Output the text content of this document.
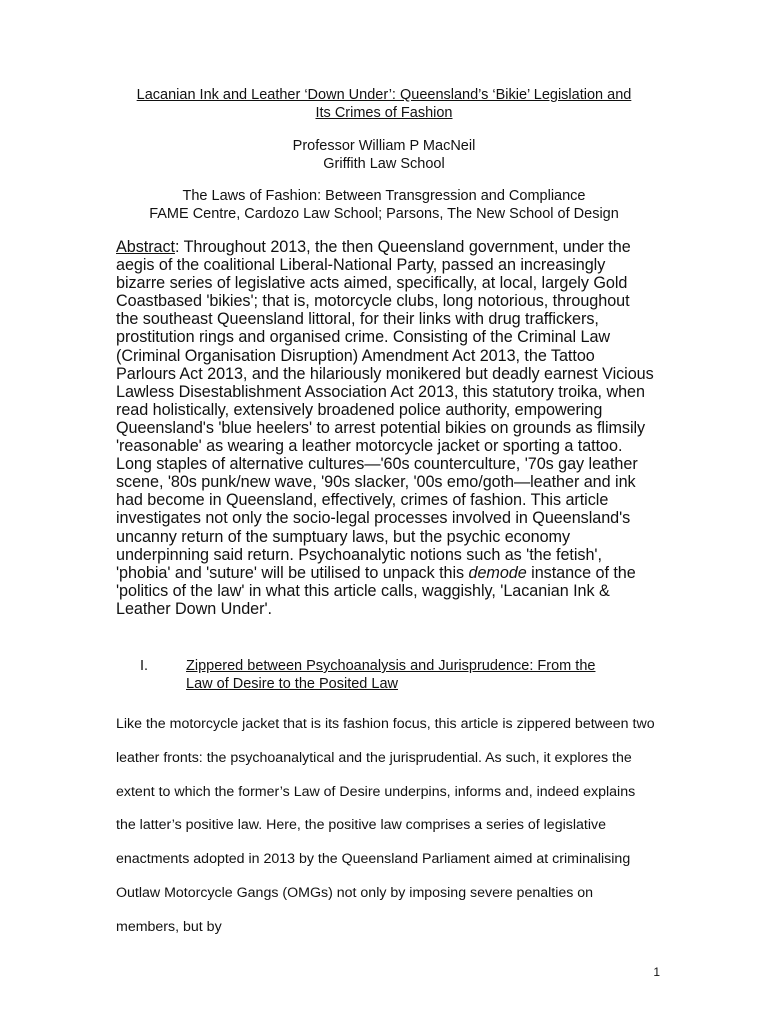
Lacanian Ink and Leather ‘Down Under’: Queensland’s ‘Bikie’ Legislation and
Its Crimes of Fashion
Professor William P MacNeil
Griffith Law School
The Laws of Fashion: Between Transgression and Compliance
FAME Centre, Cardozo Law School; Parsons, The New School of Design
Abstract: Throughout 2013, the then Queensland government, under the aegis of the coalitional Liberal-National Party, passed an increasingly bizarre series of legislative acts aimed, specifically, at local, largely Gold Coastbased 'bikies'; that is, motorcycle clubs, long notorious, throughout the southeast Queensland littoral, for their links with drug traffickers, prostitution rings and organised crime. Consisting of the Criminal Law (Criminal Organisation Disruption) Amendment Act 2013, the Tattoo Parlours Act 2013, and the hilariously monikered but deadly earnest Vicious Lawless Disestablishment Association Act 2013, this statutory troika, when read holistically, extensively broadened police authority, empowering Queensland's 'blue heelers' to arrest potential bikies on grounds as flimsily 'reasonable' as wearing a leather motorcycle jacket or sporting a tattoo. Long staples of alternative cultures—'60s counterculture, '70s gay leather scene, '80s punk/new wave, '90s slacker, '00s emo/goth—leather and ink had become in Queensland, effectively, crimes of fashion. This article investigates not only the socio-legal processes involved in Queensland's uncanny return of the sumptuary laws, but the psychic economy underpinning said return. Psychoanalytic notions such as 'the fetish', 'phobia' and 'suture' will be utilised to unpack this demode instance of the 'politics of the law' in what this article calls, waggishly, 'Lacanian Ink & Leather Down Under'.
I.	Zippered between Psychoanalysis and Jurisprudence: From the
Law of Desire to the Posited Law
Like the motorcycle jacket that is its fashion focus, this article is zippered between two leather fronts: the psychoanalytical and the jurisprudential. As such, it explores the extent to which the former’s Law of Desire underpins, informs and, indeed explains the latter’s positive law. Here, the positive law comprises a series of legislative enactments adopted in 2013 by the Queensland Parliament aimed at criminalising Outlaw Motorcycle Gangs (OMGs) not only by imposing severe penalties on members, but by
1
